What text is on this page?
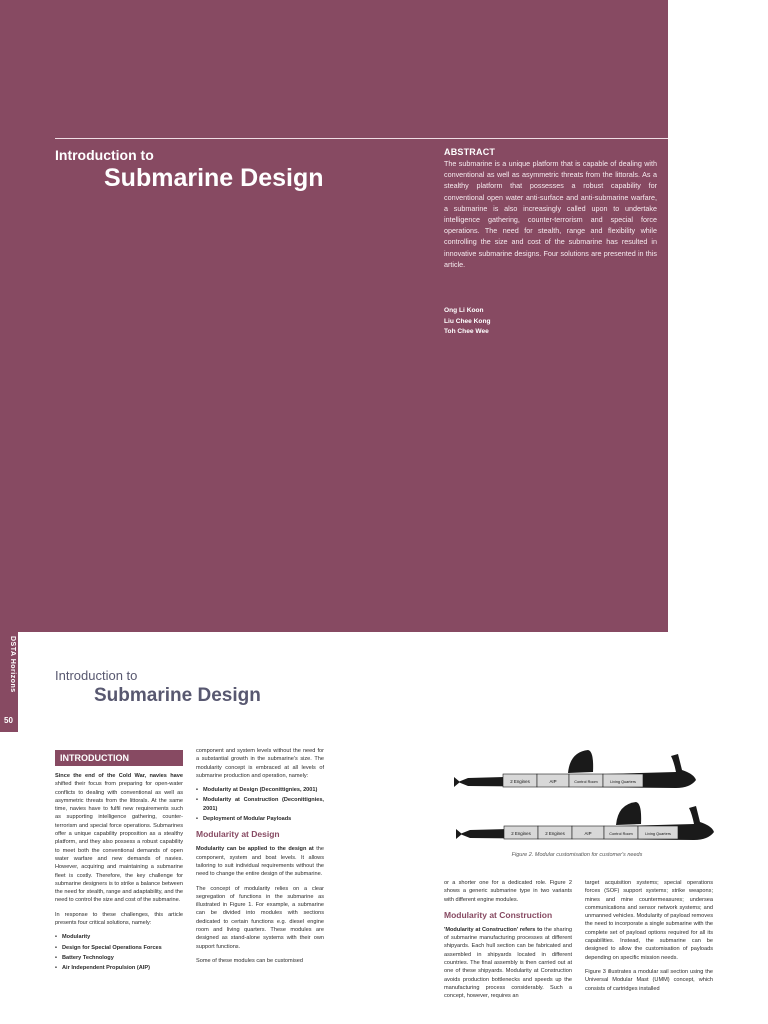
Introduction to
Submarine Design
ABSTRACT
The submarine is a unique platform that is capable of dealing with conventional as well as asymmetric threats from the littorals. As a stealthy platform that possesses a robust capability for conventional open water anti-surface and anti-submarine warfare, a submarine is also increasingly called upon to undertake intelligence gathering, counter-terrorism and special force operations. The need for stealth, range and flexibility while controlling the size and cost of the submarine has resulted in innovative submarine designs. Four solutions are presented in this article.
Ong Li Koon
Liu Chee Kong
Toh Chee Wee
DSTA Horizons
50
Introduction to
Submarine Design
INTRODUCTION

Since the end of the Cold War, navies have shifted their focus from preparing for open-water conflicts to dealing with conventional as well as asymmetric threats from the littorals. At the same time, navies have to fulfil new requirements such as supporting intelligence gathering, counter-terrorism and special force operations. Submarines offer a unique capability proposition as a stealthy platform, and they also possess a robust capability to meet both the conventional demands of open water warfare and new demands of navies. However, acquiring and maintaining a submarine fleet is costly. Therefore, the key challenge for submarine designers is to strike a balance between the need for stealth, range and adaptability, and the need to control the size and cost of the submarine.

In response to these challenges, this article presents four critical solutions, namely:

• Modularity
• Design for Special Operations Forces
• Battery Technology
• Air Independent Propulsion (AIP)

component and system levels without the need for a substantial growth in the submarine's size. The modularity concept is embraced at all levels of submarine production and operation, namely:

• Modularity at Design (Deconittignies, 2001)
• Modularity at Construction (Deconittignies, 2001)
• Deployment of Modular Payloads
Modularity at Design

Modularity can be applied to the design at the component, system and boat levels. It allows tailoring to suit individual requirements without the need to change the entire design of the submarine.

The concept of modularity relies on a clear segregation of functions in the submarine as illustrated in Figure 1. For example, a submarine can be divided into modules with sections dedicated to certain functions e.g. diesel engine room and living quarters. These modules are designed as stand-alone systems with their own support functions.

Some of these modules can be customised

2 Engines	AIP	Control Room	Living Quarters
2 Engines	2 Engines	AIP	Control Room	Living Quarters
Figure 2. Modular customisation for customer's needs

or a shorter one for a dedicated role. Figure 2 shows a generic submarine type in two variants with different engine modules.

Modularity at Construction

'Modularity at Construction' refers to the sharing of submarine manufacturing processes at different shipyards. Each hull section can be fabricated and assembled in shipyards located in different countries. The final assembly is then carried out at one of these shipyards. Modularity at Construction avoids production bottlenecks and speeds up the manufacturing process considerably. Such a concept, however, requires an

target acquisition systems; special operations forces (SOF) support systems; strike weapons; mines and mine countermeasures; undersea communications and sensor network systems; and unmanned vehicles. Modularity of payload removes the need to incorporate a single submarine with the complete set of payload options required for all its capabilities. Instead, the submarine can be designed to allow the customisation of payloads depending on specific mission needs.

Figure 3 illustrates a modular sail section using the Universal Modular Mast (UMM) concept, which consists of cartridges installed
